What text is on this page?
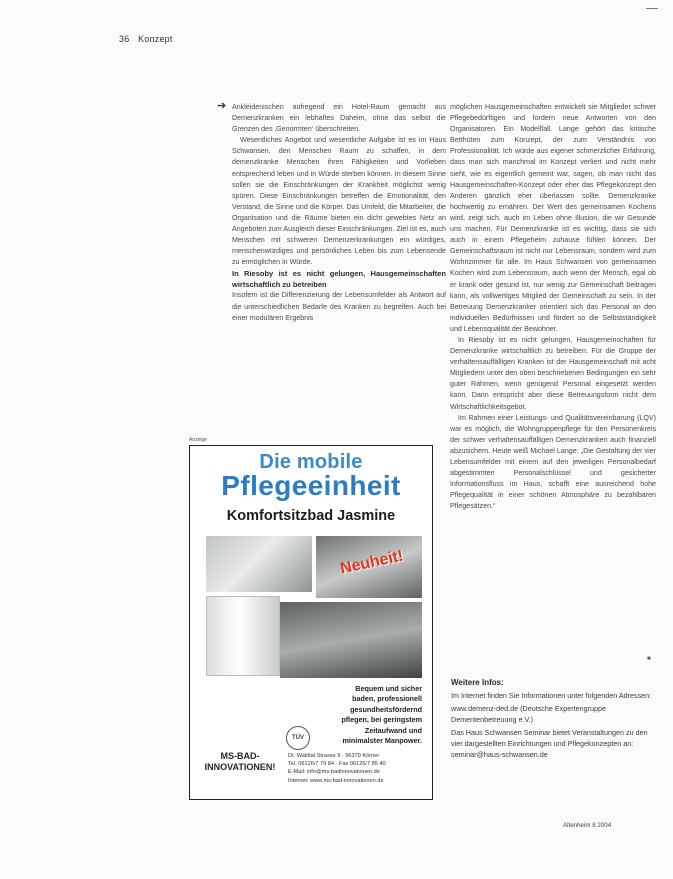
36 Konzept
➔ Ankleidenischen aufregend ein Hotel-Raum gemacht aus Demenzkranken ein lebhaftes Daheim, ohne das selbst die Grenzen des ‚Genormten‘ überschreiten.

Wesentliches Angebot und wesentliche Aufgabe ist es im Haus Schwansen, den Menschen Raum zu schaffen, in dem demenzkranke Menschen ihren Fähigkeiten und Vorlieben entsprechend leben und in Würde sterben können. In diesem Sinne sollen sie die Einschränkungen der Krankheit möglichst wenig spüren. Diese Einschränkungen betreffen die Emotionalität, den Verstand, die Sinne und die Körper. Das Umfeld, die Mitarbeiter, die Organisation und die Räume bieten ein dicht gewebtes Netz an Angeboten zum Ausgleich dieser Einschränkungen. Ziel ist es, auch Menschen mit schweren Demenzerkrankungen ein würdiges, menschenwürdiges und persönliches Leben bis zum Lebensende zu ermöglichen in Würde.

In Riesoby ist es nicht gelungen, Hausgemeinschaften wirtschaftlich zu betreiben

Insofern ist die Differenzierung der Lebensumfelder als Antwort auf die unterschiedlichen Bedarfe des Kranken zu begreifen. Auch bei einer modulären Ergebnis

möglichen Hausgemeinschaften entwickelt sie Mitglieder schwer Pflegebedürftigen und fordern neue Antworten von den Organisatoren. Ein Modellfall. Lange gehört das kritische Betthüten zum Konzept, der zum Verständnis von Professionalität. Ich würde aus eigener schmerzlicher Erfahrung, dass man sich manchmal im Konzept verliert und nicht mehr sieht, wie es eigentlich gemeint war, sagen, ob man nicht das Hausgemeinschaften-Konzept oder eher das Pflegekonzept den Anderen gänzlich eher überlassen sollte. Demenzkranke hochwertig zu ernähren. Der Wert des gemeinsamen Kochens wird, zeigt sich, auch im Leben ohne Illusion, die wir Gesunde uns machen. Für Demenzkranke ist es wichtig, dass sie sich auch in einem Pflegeheim zuhause fühlen können. Der Gemeinschaftsraum ist nicht nur Lebensraum, sondern wird zum Wohnzimmer für alle. Im Haus Schwansen von gemeinsamen Kochen wird zum Lebensraum, auch wenn der Mensch, egal ob er krank oder gesund ist, nur wenig zur Gemeinschaft beitragen kann, als vollwertiges Mitglied der Gemeinschaft zu sein. In der Betreuung Demenzkranker orientiert sich das Personal an den individuellen Bedürfnissen und fördert so die Selbstständigkeit und Lebensqualität der Bewohner.

In Riesoby ist es nicht gelungen, Hausgemeinschaften für Demenzkranke wirtschaftlich zu betreiben. Für die Gruppe der verhaltensauffälligen Kranken ist der Hausgemeinschaft mit acht Mitgliedern unter den oben beschriebenen Bedingungen ein sehr guter Rahmen, wenn genügend Personal eingesetzt werden kann. Dann entspricht aber diese Betreuungsform nicht dem Wirtschaftlichkeitsgebot.

Im Rahmen einer Leistungs- und Qualitätsvereinbarung (LQV) war es möglich, die Wohngruppenpflege für den Personenkreis der schwer verhaltensauffälligen Demenzkranken auch finanziell abzusichern. Heute weiß Michael Lange: „Die Gestaltung der vier Lebensumfelder mit einem auf den jeweiligen Personalbedarf abgestimmten Personalschlüssel und gesicherter Informationsfluss im Haus, schafft eine ausreichend hohe Pflegequalität in einer schönen Atmosphäre zu bezahlbaren Pflegesätzen.“

■
Anzeige
Die mobile
Pflegeeinheit
Komfortsitzbad Jasmine
Neuheit!

Bequem und sicher

baden, professionell

gesundheitsfördernd

pflegen, bei geringstem

Zeitaufwand und

minimalster Manpower.

TÜV
MS-BAD-
INNOVATIONEN!

Dr. Waldtal Strasse 9 · 96379 Körner

Tel. 06126/7 79 84 · Fax 06126/7 85 40

E-Mail: info@ms-badinnovationen.de

Internet: www.ms-bad-innovationen.de

Weitere Infos:

Im Internet finden Sie Informationen unter folgenden Adressen:

www.demenz-ded.de (Deutsche Expertengruppe Dementenbetreuung e.V.)

Das Haus Schwansen Seminar bietet Veranstaltungen zu den vier dargestellten Einrichtungen und Pflegekonzepten an: seminar@haus-schwansen.de

Altenheim 8 2004
